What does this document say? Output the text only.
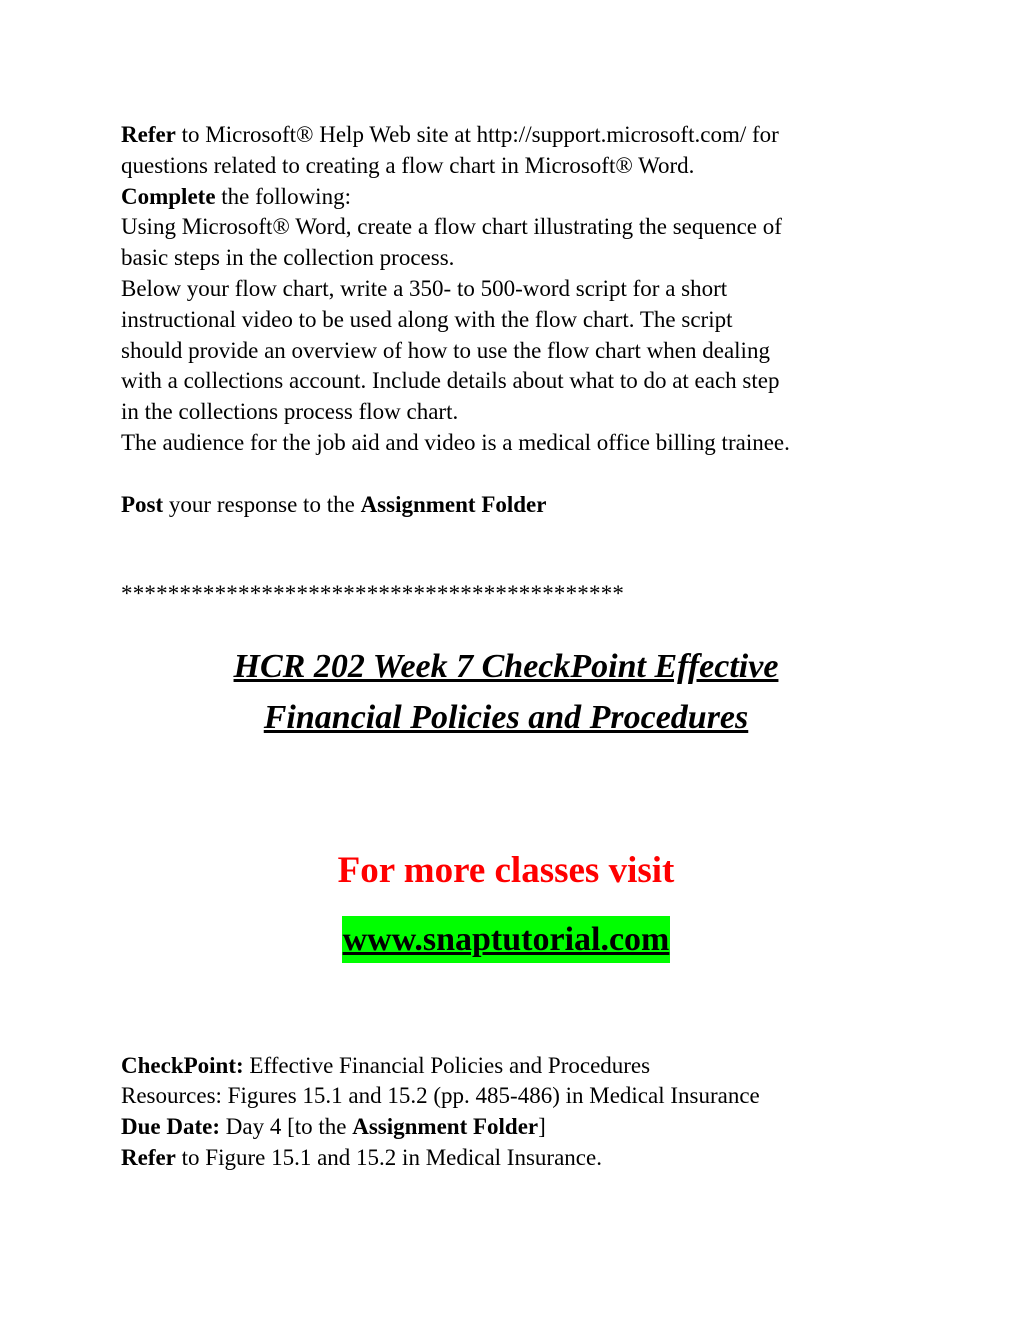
Refer to Microsoft® Help Web site at http://support.microsoft.com/ for
questions related to creating a flow chart in Microsoft® Word.

Complete the following:

Using Microsoft® Word, create a flow chart illustrating the sequence of
basic steps in the collection process.
Below your flow chart, write a 350- to 500-word script for a short
instructional video to be used along with the flow chart. The script
should provide an overview of how to use the flow chart when dealing
with a collections account. Include details about what to do at each step
in the collections process flow chart.
The audience for the job aid and video is a medical office billing trainee.

Post your response to the Assignment Folder

*******************************************

HCR 202 Week 7 CheckPoint Effective
Financial Policies and Procedures

For more classes visit

www.snaptutorial.com

CheckPoint: Effective Financial Policies and Procedures
Resources: Figures 15.1 and 15.2 (pp. 485-486) in Medical Insurance
Due Date: Day 4 [to the Assignment Folder]
Refer to Figure 15.1 and 15.2 in Medical Insurance.
